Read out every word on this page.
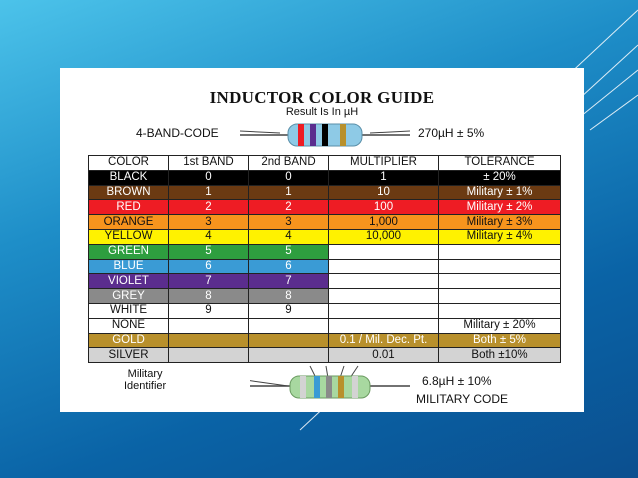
INDUCTOR COLOR GUIDE
Result Is In µH
4-BAND-CODE	270µH ± 5%
COLOR	1st BAND	2nd BAND	MULTIPLIER	TOLERANCE
BLACK	0	0	1	± 20%
BROWN	1	1	10	Military ± 1%
RED	2	2	100	Military ± 2%
ORANGE	3	3	1,000	Military ± 3%
YELLOW	4	4	10,000	Military ± 4%
GREEN	5	5		
BLUE	6	6		
VIOLET	7	7		
GREY	8	8		
WHITE	9	9		
NONE				Military ± 20%
GOLD			0.1 / Mil. Dec. Pt.	Both ± 5%
SILVER			0.01	Both ±10%
Military
Identifier	6.8µH ± 10%
MILITARY CODE
